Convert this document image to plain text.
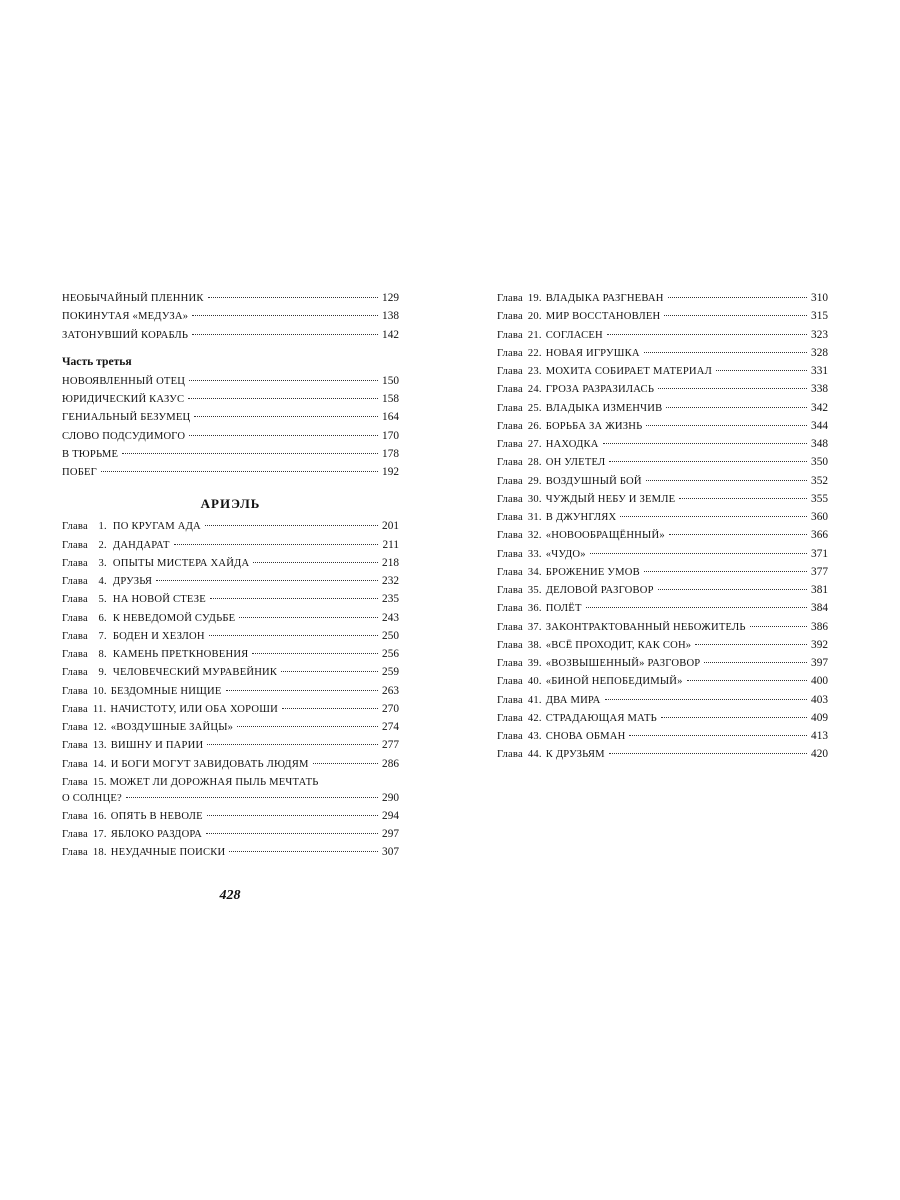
НЕОБЫЧАЙНЫЙ ПЛЕННИК	129
ПОКИНУТАЯ «МЕДУЗА»	138
ЗАТОНУВШИЙ КОРАБЛЬ	142
Часть третья
НОВОЯВЛЕННЫЙ ОТЕЦ	150
ЮРИДИЧЕСКИЙ КАЗУС	158
ГЕНИАЛЬНЫЙ БЕЗУМЕЦ	164
СЛОВО ПОДСУДИМОГО	170
В ТЮРЬМЕ	178
ПОБЕГ	192
АРИЭЛЬ
Глава	1. ПО КРУГАМ АДА	201
Глава	2. ДАНДАРАТ	211
Глава	3. ОПЫТЫ МИСТЕРА ХАЙДА	218
Глава	4. ДРУЗЬЯ	232
Глава	5. НА НОВОЙ СТЕЗЕ	235
Глава	6. К НЕВЕДОМОЙ СУДЬБЕ	243
Глава	7. БОДЕН И ХЕЗЛОН	250
Глава	8. КАМЕНЬ ПРЕТКНОВЕНИЯ	256
Глава	9. ЧЕЛОВЕЧЕСКИЙ МУРАВЕЙНИК	259
Глава 10. БЕЗДОМНЫЕ НИЩИЕ	263
Глава 11. НАЧИСТОТУ, ИЛИ ОБА ХОРОШИ	270
Глава 12. «ВОЗДУШНЫЕ ЗАЙЦЫ»	274
Глава 13. ВИШНУ И ПАРИИ	277
Глава 14. И БОГИ МОГУТ ЗАВИДОВАТЬ ЛЮДЯМ	286
Глава 15. МОЖЕТ ЛИ ДОРОЖНАЯ ПЫЛЬ МЕЧТАТЬ
О СОЛНЦЕ?	290
Глава 16. ОПЯТЬ В НЕВОЛЕ	294
Глава 17. ЯБЛОКО РАЗДОРА	297
Глава 18. НЕУДАЧНЫЕ ПОИСКИ	307
428
Глава 19. ВЛАДЫКА РАЗГНЕВАН	310
Глава 20. МИР ВОССТАНОВЛЕН	315
Глава 21. СОГЛАСЕН	323
Глава 22. НОВАЯ ИГРУШКА	328
Глава 23. МОХИТА СОБИРАЕТ МАТЕРИАЛ	331
Глава 24. ГРОЗА РАЗРАЗИЛАСЬ	338
Глава 25. ВЛАДЫКА ИЗМЕНЧИВ	342
Глава 26. БОРЬБА ЗА ЖИЗНЬ	344
Глава 27. НАХОДКА	348
Глава 28. ОН УЛЕТЕЛ	350
Глава 29. ВОЗДУШНЫЙ БОЙ	352
Глава 30. ЧУЖДЫЙ НЕБУ И ЗЕМЛЕ	355
Глава 31. В ДЖУНГЛЯХ	360
Глава 32. «НОВООБРАЩЁННЫЙ»	366
Глава 33. «ЧУДО»	371
Глава 34. БРОЖЕНИЕ УМОВ	377
Глава 35. ДЕЛОВОЙ РАЗГОВОР	381
Глава 36. ПОЛЁТ	384
Глава 37. ЗАКОНТРАКТОВАННЫЙ НЕБОЖИТЕЛЬ	386
Глава 38. «ВСЁ ПРОХОДИТ, КАК СОН»	392
Глава 39. «ВОЗВЫШЕННЫЙ» РАЗГОВОР	397
Глава 40. «БИНОЙ НЕПОБЕДИМЫЙ»	400
Глава 41. ДВА МИРА	403
Глава 42. СТРАДАЮЩАЯ МАТЬ	409
Глава 43. СНОВА ОБМАН	413
Глава 44. К ДРУЗЬЯМ	420
